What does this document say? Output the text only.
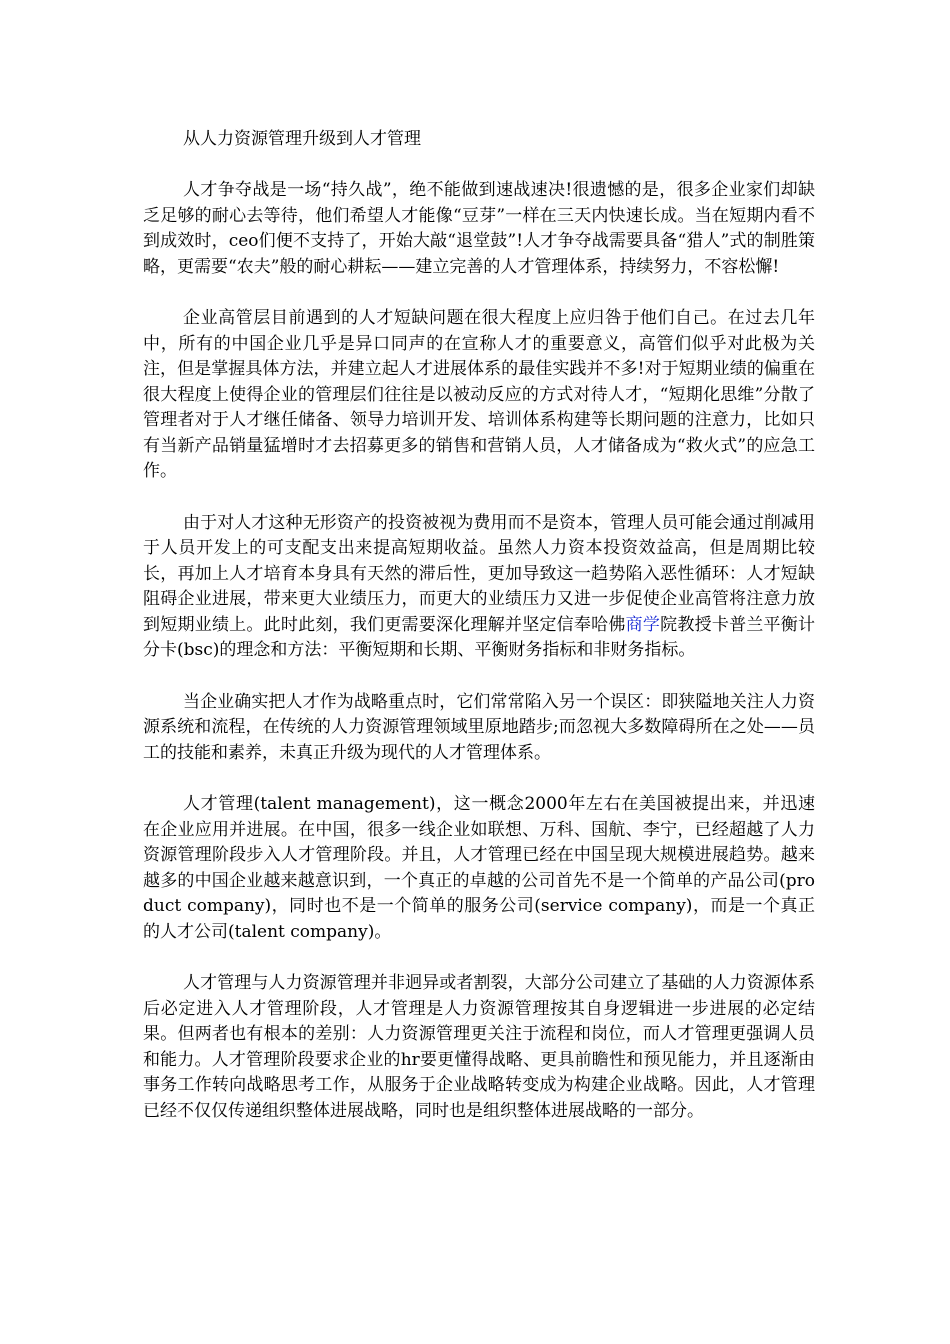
从人力资源管理升级到人才管理

人才争夺战是一场“持久战”，绝不能做到速战速决!很遗憾的是，很多企业家们却缺乏足够的耐心去等待，他们希望人才能像“豆芽”一样在三天内快速长成。当在短期内看不到成效时，ceo们便不支持了，开始大敲“退堂鼓”!人才争夺战需要具备“猎人”式的制胜策略，更需要“农夫”般的耐心耕耘——建立完善的人才管理体系，持续努力，不容松懈!

企业高管层目前遇到的人才短缺问题在很大程度上应归咎于他们自己。在过去几年中，所有的中国企业几乎是异口同声的在宣称人才的重要意义，高管们似乎对此极为关注，但是掌握具体方法，并建立起人才进展体系的最佳实践并不多!对于短期业绩的偏重在很大程度上使得企业的管理层们往往是以被动反应的方式对待人才，“短期化思维”分散了管理者对于人才继任储备、领导力培训开发、培训体系构建等长期问题的注意力，比如只有当新产品销量猛增时才去招募更多的销售和营销人员，人才储备成为“救火式”的应急工作。

由于对人才这种无形资产的投资被视为费用而不是资本，管理人员可能会通过削减用于人员开发上的可支配支出来提高短期收益。虽然人力资本投资效益高，但是周期比较长，再加上人才培育本身具有天然的滞后性，更加导致这一趋势陷入恶性循环：人才短缺阻碍企业进展，带来更大业绩压力，而更大的业绩压力又进一步促使企业高管将注意力放到短期业绩上。此时此刻，我们更需要深化理解并坚定信奉哈佛商学院教授卡普兰平衡计分卡(bsc)的理念和方法：平衡短期和长期、平衡财务指标和非财务指标。

当企业确实把人才作为战略重点时，它们常常陷入另一个误区：即狭隘地关注人力资源系统和流程，在传统的人力资源管理领域里原地踏步;而忽视大多数障碍所在之处——员工的技能和素养，未真正升级为现代的人才管理体系。

人才管理(talent management)，这一概念2000年左右在美国被提出来，并迅速在企业应用并进展。在中国，很多一线企业如联想、万科、国航、李宁，已经超越了人力资源管理阶段步入人才管理阶段。并且，人才管理已经在中国呈现大规模进展趋势。越来越多的中国企业越来越意识到，一个真正的卓越的公司首先不是一个简单的产品公司(product company)，同时也不是一个简单的服务公司(service company)，而是一个真正的人才公司(talent company)。

人才管理与人力资源管理并非迥异或者割裂，大部分公司建立了基础的人力资源体系后必定进入人才管理阶段，人才管理是人力资源管理按其自身逻辑进一步进展的必定结果。但两者也有根本的差别：人力资源管理更关注于流程和岗位，而人才管理更强调人员和能力。人才管理阶段要求企业的hr要更懂得战略、更具前瞻性和预见能力，并且逐渐由事务工作转向战略思考工作，从服务于企业战略转变成为构建企业战略。因此，人才管理已经不仅仅传递组织整体进展战略，同时也是组织整体进展战略的一部分。
